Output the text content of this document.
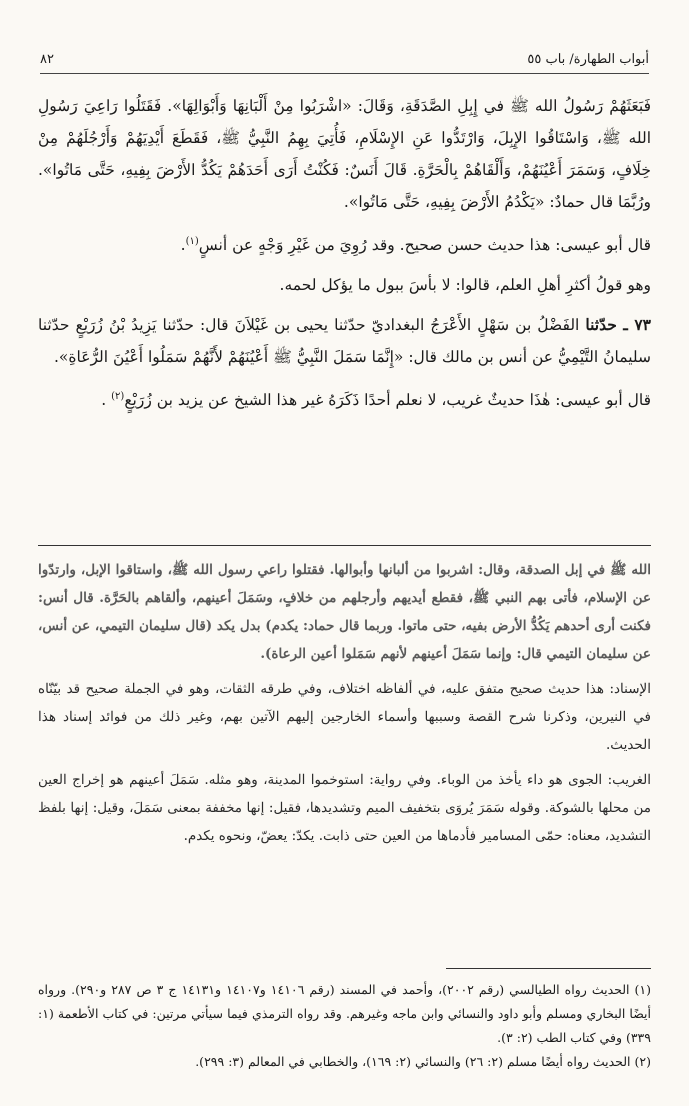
٨٢	أبواب الطهارة/ باب ٥٥

فَبَعَثَهُمْ رَسُولُ الله ﷺ في إِبِلِ الصَّدَقَةِ، وَقَالَ: «اشْرَبُوا مِنْ أَلْبَانِهَا وَأَبْوَالِهَا». فَقَتَلُوا رَاعِيَ رَسُولِ الله ﷺ، وَاسْتَاقُوا الإِبِلَ، وَارْتَدُّوا عَنِ الإِسْلَامِ، فَأُتِيَ بِهِمُ النَّبِيُّ ﷺ، فَقَطَعَ أَيْدِيَهُمْ وَأَرْجُلَهُمْ مِنْ خِلَافٍ، وَسَمَرَ أَعْيُنَهُمْ، وَأَلْقَاهُمْ بِالْحَرَّةِ. قَالَ أَنَسٌ: فَكُنْتُ أَرَى أَحَدَهُمْ يَكُدُّ الأَرْضَ بِفِيهِ، حَتَّى مَاتُوا». ورُبَّمَا قال حمادٌ: «يَكْدُمُ الأَرْضَ بِفِيهِ، حَتَّى مَاتُوا».

قال أبو عيسى: هذا حديث حسن صحيح. وقد رُوِيَ من غَيْرِ وَجْهٍ عن أنسٍ$^{(١)}$.

وهو قولُ أكثرِ أهلِ العلم، قالوا: لا بأسَ ببول ما يؤكل لحمه.

٧٣ ـ حدّثنا الفَضْلُ بن سَهْلٍ الأَعْرَجُ البغداديّ حدّثنا يحيى بن غَيْلاَنَ قال: حدّثنا يَزِيدُ بْنُ زُرَيْعٍ حدّثنا سليمانُ التَّيْمِيُّ عن أنس بن مالك قال: «إِنَّمَا سَمَلَ النَّبِيُّ ﷺ أَعْيُنَهُمْ لأَنَّهُمْ سَمَلُوا أَعْيُنَ الرُّعَاةِ».

قال أبو عيسى: هٰذَا حديثٌ غريب، لا نعلم أحدًا ذَكَرَهُ غير هذا الشيخ عن يزيد بن زُرَيْعٍ$^{(٢)}$ .

الله ﷺ في إبل الصدقة، وقال: اشربوا من ألبانها وأبوالها. فقتلوا راعي رسول الله ﷺ، واستاقوا الإبل، وارتدّوا عن الإسلام، فأتى بهم النبي ﷺ، فقطع أيديهم وأرجلهم من خلافٍ، وسَمَلَ أعينهم، وألقاهم بالحَرَّة. قال أنس: فكنت أرى أحدهم يَكُدُّ الأرض بفيه، حتى ماتوا. وربما قال حماد: يكدم) بدل يكد (قال سليمان التيمي، عن أنس، عن سليمان التيمي قال: وإنما سَمَلَ أعينهم لأنهم سَمَلوا أعين الرعاة).

الإسناد: هذا حديث صحيح متفق عليه، في ألفاظه اختلاف، وفي طرقه الثقات، وهو في الجملة صحيح قد بيّنّاه في النيرين، وذكرنا شرح القصة وسببها وأسماء الخارجين إليهم الآتين بهم، وغير ذلك من فوائد إسناد هذا الحديث.

الغريب: الجوى هو داء يأخذ من الوباء. وفي رواية: استوخموا المدينة، وهو مثله. سَمَلَ أعينهم هو إخراج العين من محلها بالشوكة. وقوله سَمَرَ يُروَى بتخفيف الميم وتشديدها، فقيل: إنها مخففة بمعنى سَمَلَ، وقيل: إنها بلفظ التشديد، معناه: حمّى المسامير فأدماها من العين حتى ذابت. يكدّ: يعضّ، ونحوه يكدم.

(١) الحديث رواه الطيالسي (رقم ٢٠٠٢)، وأحمد في المسند (رقم ١٤١٠٦ و١٤١٠٧ و١٤١٣١ ج ٣ ص ٢٨٧ و٢٩٠). ورواه أيضًا البخاري ومسلم وأبو داود والنسائي وابن ماجه وغيرهم. وقد رواه الترمذي فيما سيأتي مرتين: في كتاب الأطعمة (١: ٣٣٩) وفي كتاب الطب (٢: ٣).

(٢) الحديث رواه أيضًا مسلم (٢: ٢٦) والنسائي (٢: ١٦٩)، والخطابي في المعالم (٣: ٢٩٩).
